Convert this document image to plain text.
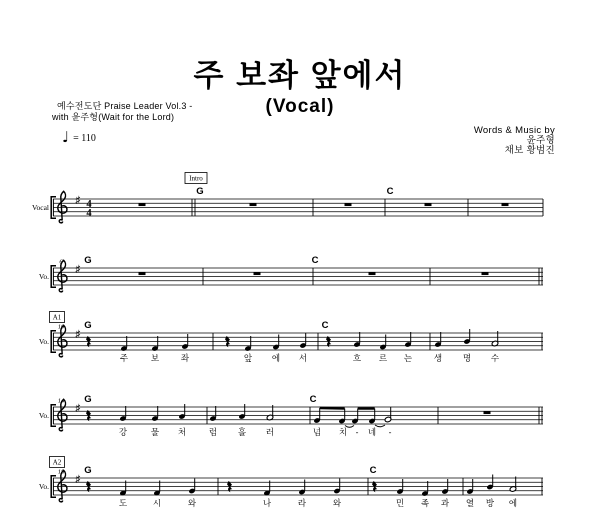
주 보좌 앞에서
(Vocal)
예수전도단 Praise Leader Vol.3 -
with 윤주형(Wait for the Lord)
♩ = 110
Words & Music by
윤주형
채보 황범진
Vocal
♯ 4
4
Intro
G	C
Vo.
6
♯
G	C
Vo.
10
♯
A1
G	C
주	보	좌	앞 에 서	흐 르 는	생 명 수
Vo.
14
♯
G	C
강	물 처	럼 흘 러	넘 치 - 네 -
Vo.
18
♯
A2
G	C
도	시	와	나	라	와	민 족 과 열 방 에
